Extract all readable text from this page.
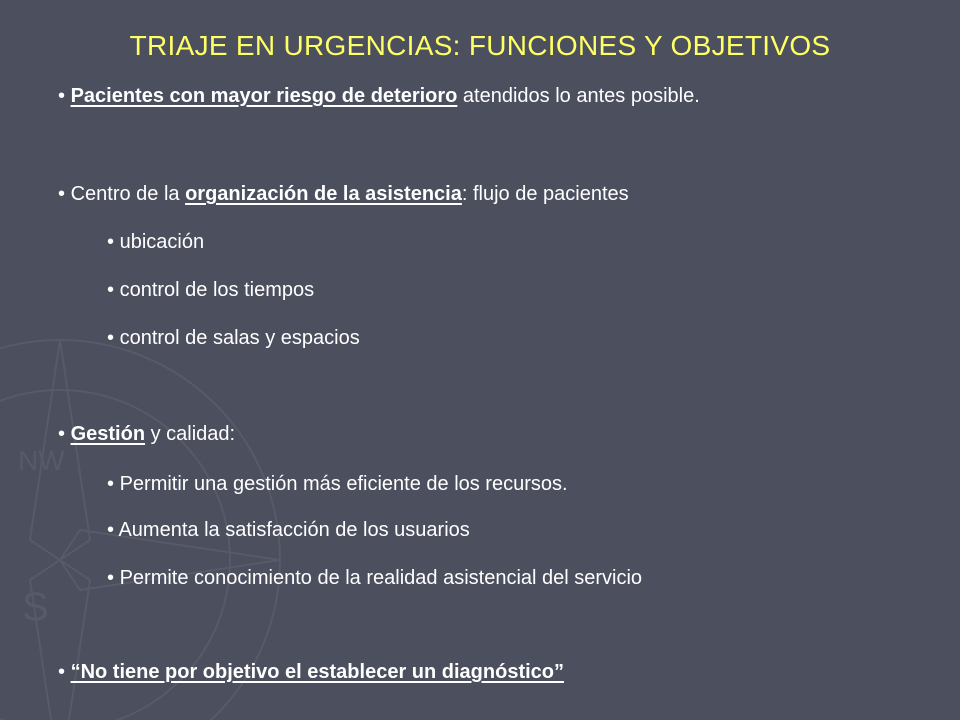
NW
S
TRIAJE EN URGENCIAS: FUNCIONES Y OBJETIVOS
• Pacientes con mayor riesgo de deterioro atendidos lo antes posible.
• Centro de la organización de la asistencia: flujo de pacientes
• ubicación
• control de los tiempos
• control de salas y espacios
• Gestión y calidad:
• Permitir una gestión más eficiente de los recursos.
• Aumenta la satisfacción de los usuarios
• Permite conocimiento de la realidad asistencial del servicio
• “No tiene por objetivo el establecer un diagnóstico”
